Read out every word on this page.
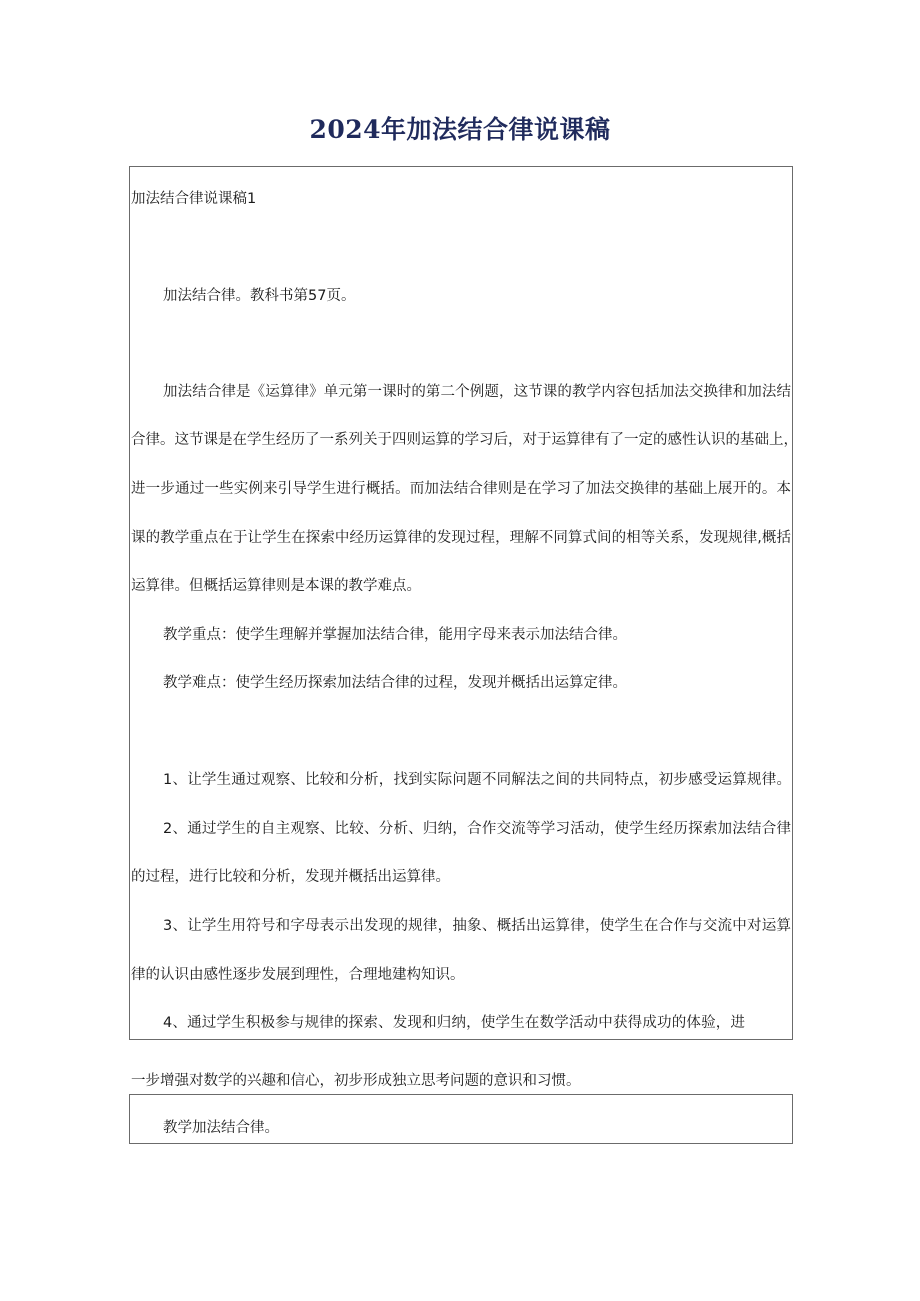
2024年加法结合律说课稿
加法结合律说课稿1
加法结合律。教科书第57页。
加法结合律是《运算律》单元第一课时的第二个例题，这节课的教学内容包括加法交换律和加法结
合律。这节课是在学生经历了一系列关于四则运算的学习后，对于运算律有了一定的感性认识的基础上，
进一步通过一些实例来引导学生进行概括。而加法结合律则是在学习了加法交换律的基础上展开的。本
课的教学重点在于让学生在探索中经历运算律的发现过程，理解不同算式间的相等关系，发现规律,概括
运算律。但概括运算律则是本课的教学难点。
教学重点：使学生理解并掌握加法结合律，能用字母来表示加法结合律。
教学难点：使学生经历探索加法结合律的过程，发现并概括出运算定律。
1、让学生通过观察、比较和分析，找到实际问题不同解法之间的共同特点，初步感受运算规律。
2、通过学生的自主观察、比较、分析、归纳，合作交流等学习活动，使学生经历探索加法结合律
的过程，进行比较和分析，发现并概括出运算律。
3、让学生用符号和字母表示出发现的规律，抽象、概括出运算律，使学生在合作与交流中对运算
律的认识由感性逐步发展到理性，合理地建构知识。
4、通过学生积极参与规律的探索、发现和归纳，使学生在数学活动中获得成功的体验，进
一步增强对数学的兴趣和信心，初步形成独立思考问题的意识和习惯。
教学加法结合律。
